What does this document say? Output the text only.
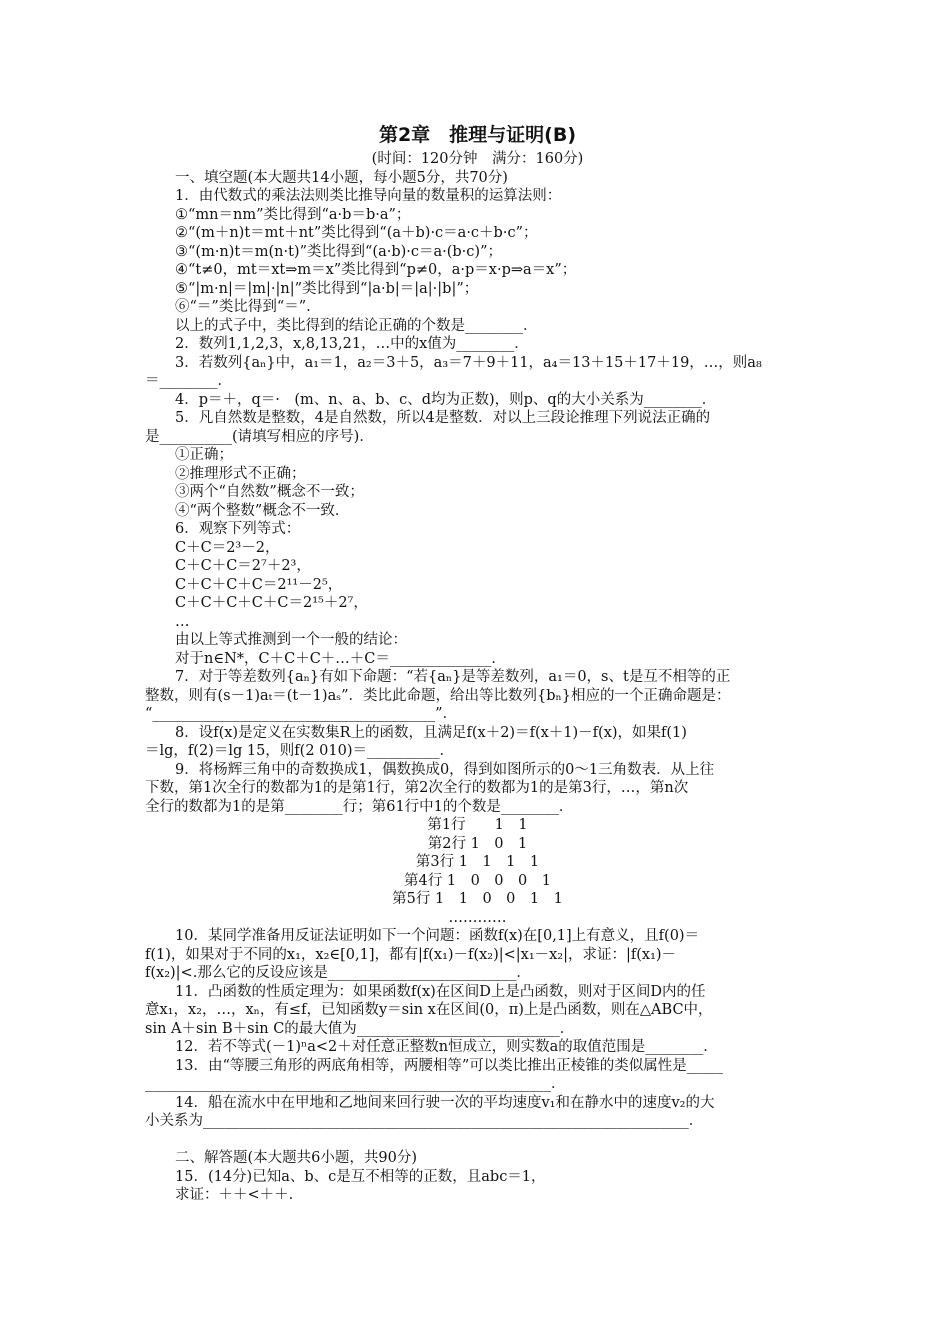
第2章　推理与证明(B)
(时间：120分钟　满分：160分)
一、填空题(本大题共14小题，每小题5分，共70分)
1．由代数式的乘法法则类比推导向量的数量积的运算法则：
①“mn＝nm”类比得到“a·b＝b·a”；
②“(m＋n)t＝mt＋nt”类比得到“(a＋b)·c＝a·c＋b·c”；
③“(m·n)t＝m(n·t)”类比得到“(a·b)·c＝a·(b·c)”；
④“t≠0，mt＝xt⇒m＝x”类比得到“p≠0，a·p＝x·p⇒a＝x”；
⑤“|m·n|＝|m|·|n|”类比得到“|a·b|＝|a|·|b|”；
⑥“＝”类比得到“＝”.
以上的式子中，类比得到的结论正确的个数是________．
2．数列1,1,2,3，x,8,13,21，…中的x值为________．
3．若数列{aₙ}中，a₁＝1，a₂＝3＋5，a₃＝7＋9＋11，a₄＝13＋15＋17＋19，…，则a₈
＝________．
4．p＝＋，q＝·　(m、n、a、b、c、d均为正数)，则p、q的大小关系为________．
5．凡自然数是整数，4是自然数，所以4是整数．对以上三段论推理下列说法正确的
是__________(请填写相应的序号)．
①正确；
②推理形式不正确；
③两个“自然数”概念不一致；
④“两个整数”概念不一致．
6．观察下列等式：
C＋C＝2³－2，
C＋C＋C＝2⁷＋2³，
C＋C＋C＋C＝2¹¹－2⁵，
C＋C＋C＋C＋C＝2¹⁵＋2⁷，
…
由以上等式推测到一个一般的结论：
对于n∈N*，C＋C＋C＋…＋C＝______________．
7．对于等差数列{aₙ}有如下命题：“若{aₙ}是等差数列，a₁＝0，s、t是互不相等的正
整数，则有(s－1)aₜ＝(t－1)aₛ”．类比此命题，给出等比数列{bₙ}相应的一个正确命题是：
“_______________________________________”．
8．设f(x)是定义在实数集R上的函数，且满足f(x＋2)＝f(x＋1)－f(x)，如果f(1)
＝lg，f(2)＝lg 15，则f(2 010)＝__________．
9．将杨辉三角中的奇数换成1，偶数换成0，得到如图所示的0～1三角数表．从上往
下数，第1次全行的数都为1的是第1行，第2次全行的数都为1的是第3行，…，第n次
全行的数都为1的是第________行；第61行中1的个数是________．
第1行　　1　1
第2行 1　0　1
第3行 1　1　1　1
第4行 1　0　0　0　1
第5行 1　1　0　0　1　1
…………
10．某同学准备用反证法证明如下一个问题：函数f(x)在[0,1]上有意义，且f(0)＝
f(1)，如果对于不同的x₁，x₂∈[0,1]，都有|f(x₁)－f(x₂)|<|x₁－x₂|，求证：|f(x₁)－
f(x₂)|<.那么它的反设应该是__________________________．
11．凸函数的性质定理为：如果函数f(x)在区间D上是凸函数，则对于区间D内的任
意x₁，x₂，…，xₙ，有≤f，已知函数y＝sin x在区间(0，π)上是凸函数，则在△ABC中，
sin A＋sin B＋sin C的最大值为____________________________．
12．若不等式(－1)ⁿa<2＋对任意正整数n恒成立，则实数a的取值范围是________．
13．由“等腰三角形的两底角相等，两腰相等”可以类比推出正棱锥的类似属性是_____
________________________________________________________．
14．船在流水中在甲地和乙地间来回行驶一次的平均速度v₁和在静水中的速度v₂的大
小关系为___________________________________________________________________．
二、解答题(本大题共6小题，共90分)
15．(14分)已知a、b、c是互不相等的正数，且abc＝1，
求证：＋＋<＋＋.
